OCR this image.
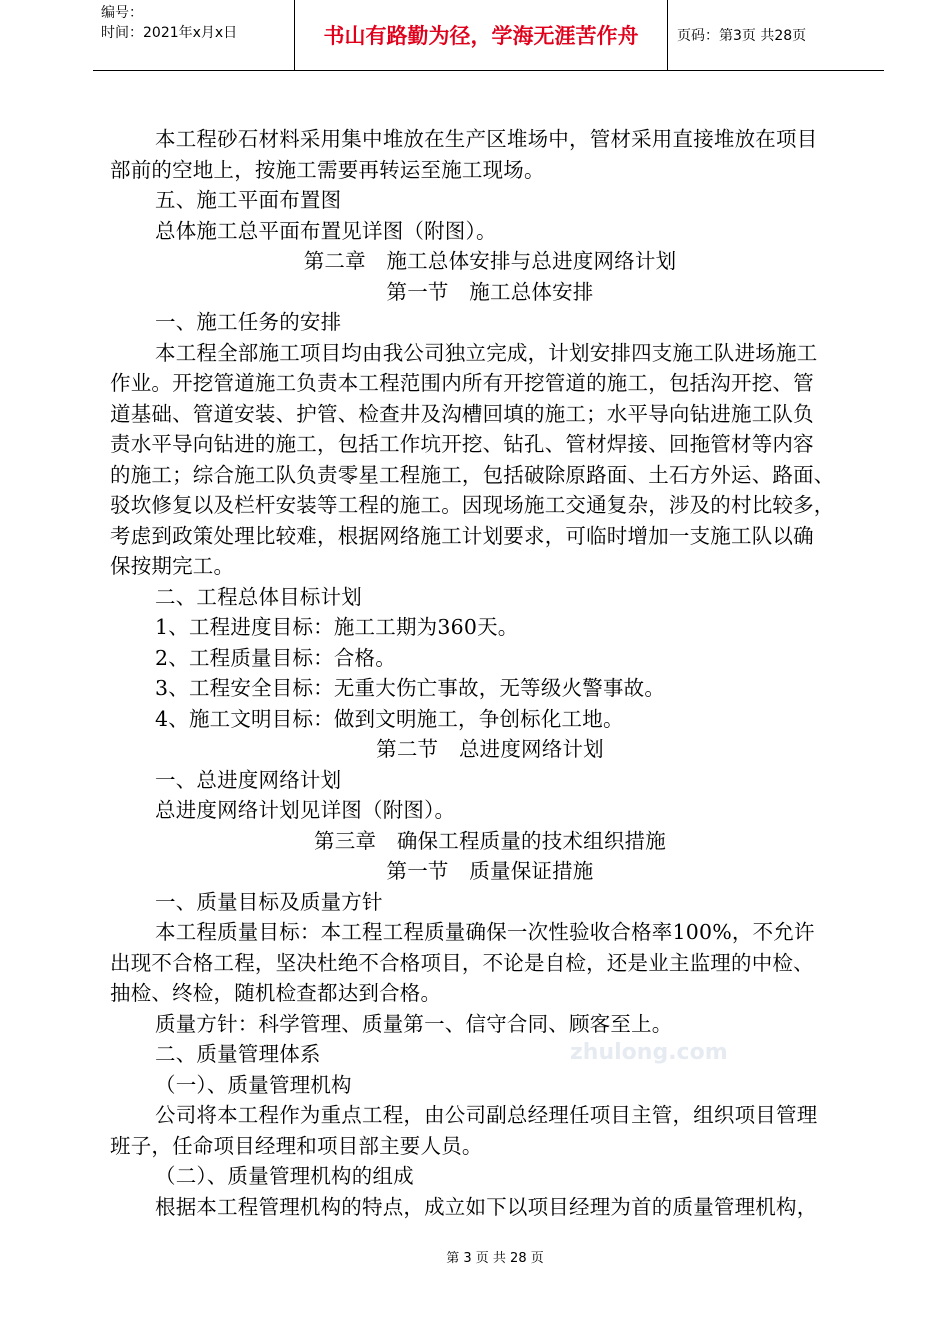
编号：
时间：2021年x月x日	书山有路勤为径，学海无涯苦作舟	页码：第3页 共28页

本工程砂石材料采用集中堆放在生产区堆场中，管材采用直接堆放在项目

部前的空地上，按施工需要再转运至施工现场。

五、施工平面布置图

总体施工总平面布置见详图（附图）。

第二章　施工总体安排与总进度网络计划

第一节　施工总体安排

一、施工任务的安排

本工程全部施工项目均由我公司独立完成，计划安排四支施工队进场施工

作业。开挖管道施工负责本工程范围内所有开挖管道的施工，包括沟开挖、管

道基础、管道安装、护管、检查井及沟槽回填的施工；水平导向钻进施工队负

责水平导向钻进的施工，包括工作坑开挖、钻孔、管材焊接、回拖管材等内容

的施工；综合施工队负责零星工程施工，包括破除原路面、土石方外运、路面、

驳坎修复以及栏杆安装等工程的施工。因现场施工交通复杂，涉及的村比较多，

考虑到政策处理比较难，根据网络施工计划要求，可临时增加一支施工队以确

保按期完工。

二、工程总体目标计划

1、工程进度目标：施工工期为360天。

2、工程质量目标：合格。

3、工程安全目标：无重大伤亡事故，无等级火警事故。

4、施工文明目标：做到文明施工，争创标化工地。

第二节　总进度网络计划

一、总进度网络计划

总进度网络计划见详图（附图）。

第三章　确保工程质量的技术组织措施

第一节　质量保证措施

一、质量目标及质量方针

本工程质量目标：本工程工程质量确保一次性验收合格率100%，不允许

出现不合格工程，坚决杜绝不合格项目，不论是自检，还是业主监理的中检、

抽检、终检，随机检查都达到合格。

质量方针：科学管理、质量第一、信守合同、顾客至上。

二、质量管理体系

（一）、质量管理机构

公司将本工程作为重点工程，由公司副总经理任项目主管，组织项目管理

班子，任命项目经理和项目部主要人员。

（二）、质量管理机构的组成

根据本工程管理机构的特点，成立如下以项目经理为首的质量管理机构，

zhulong.com
第 3 页 共 28 页
